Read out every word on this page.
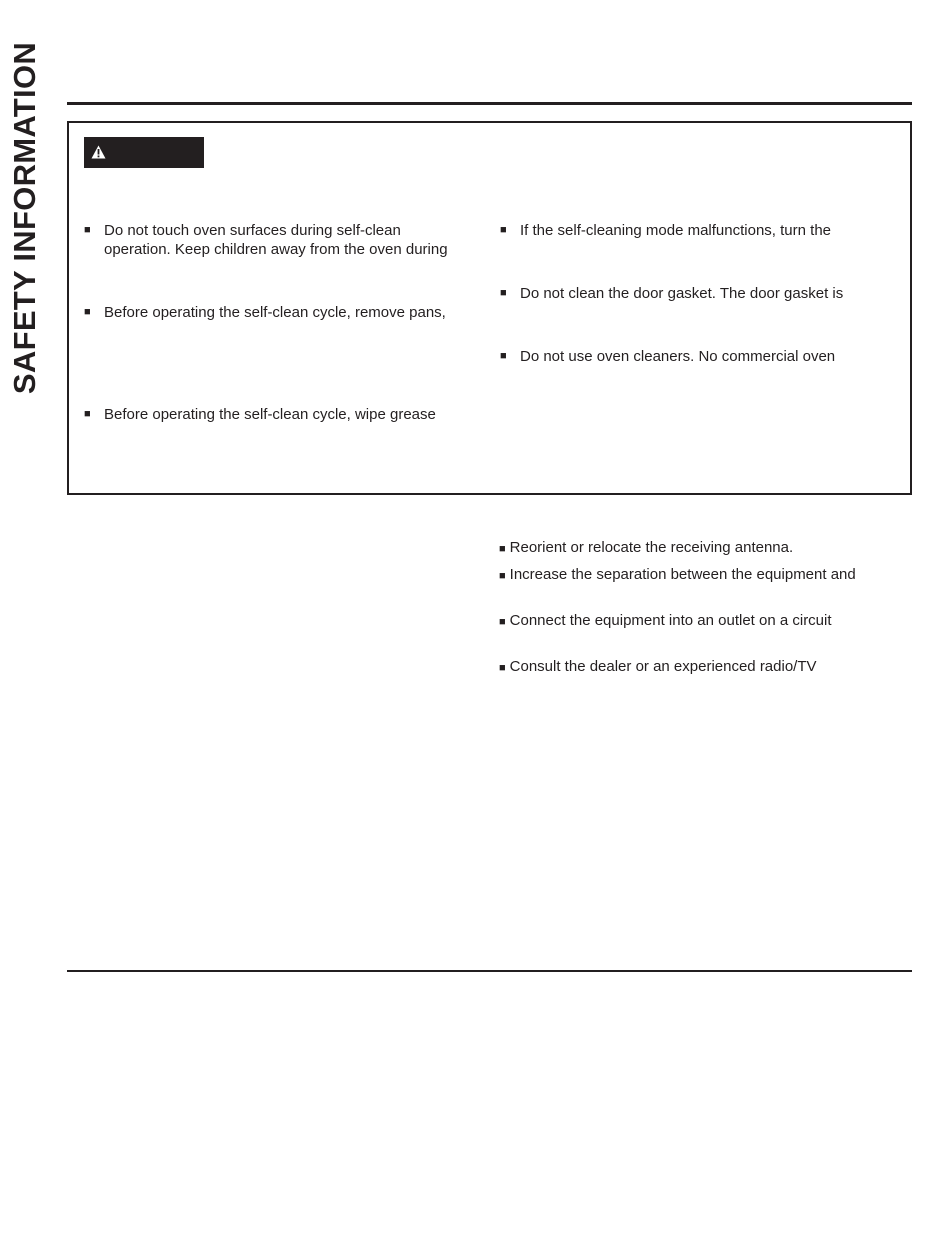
SAFETY INFORMATION	■ Do not touch oven surfaces during self-clean operation. Keep children away from the oven during
■ Before operating the self-clean cycle, remove pans,
■ Before operating the self-clean cycle, wipe grease
■ If the self-cleaning mode malfunctions, turn the
■ Do not clean the door gasket. The door gasket is
■ Do not use oven cleaners. No commercial oven
■ Reorient or relocate the receiving antenna.
■ Increase the separation between the equipment and
■ Connect the equipment into an outlet on a circuit
■ Consult the dealer or an experienced radio/TV
